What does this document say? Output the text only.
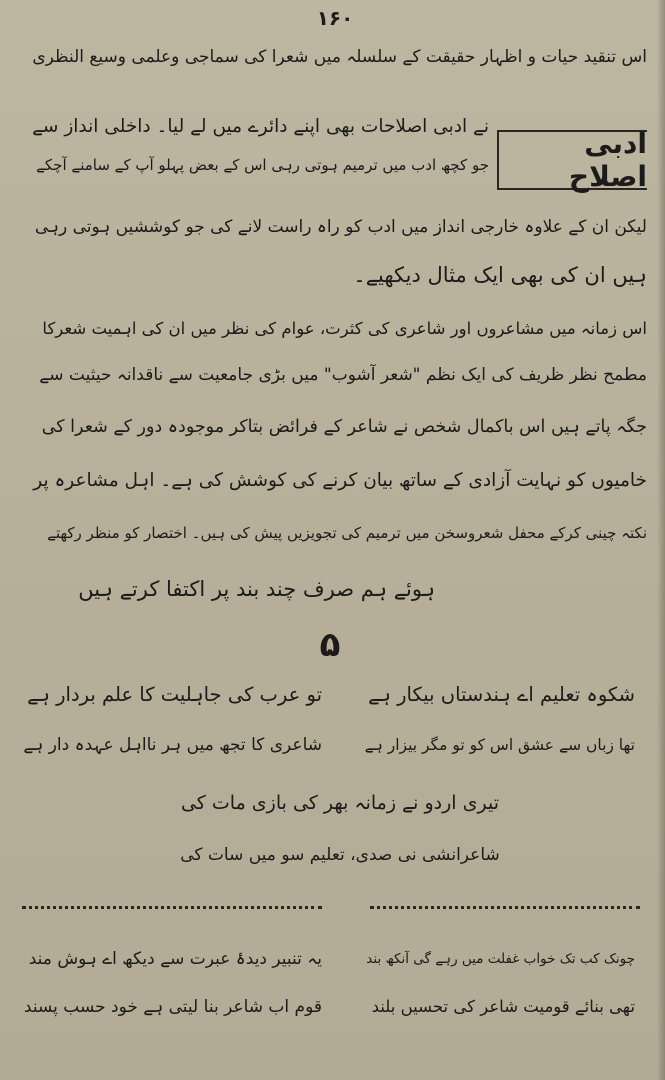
۱۶۰
اس تنقید حیات و اظہار حقیقت کے سلسلہ میں شعرا کی سماجی وعلمی وسیع النظری
نے ادبی اصلاحات بھی اپنے دائرے میں لے لیا۔ داخلی انداز سے
ادبی اصلاح
جو کچھ ادب میں ترمیم ہوتی رہی اس کے بعض پہلو آپ کے سامنے آچکے
لیکن ان کے علاوہ خارجی انداز میں ادب کو راہ راست لانے کی جو کوششیں ہوتی رہی
ہیں ان کی بھی ایک مثال دیکھیے۔
اس زمانہ میں مشاعروں اور شاعری کی کثرت، عوام کی نظر میں ان کی اہمیت شعرکا
مطمح نظر ظریف کی ایک نظم "شعر آشوب" میں بڑی جامعیت سے ناقدانہ حیثیت سے
جگہ پاتے ہیں اس باکمال شخص نے شاعر کے فرائض بتاکر موجودہ دور کے شعرا کی
خامیوں کو نہایت آزادی کے ساتھ بیان کرنے کی کوشش کی ہے۔ اہل مشاعرہ پر
نکتہ چینی کرکے محفل شعروسخن میں ترمیم کی تجویزیں پیش کی ہیں۔ اختصار کو منظر رکھتے
ہوئے ہم صرف چند بند پر اکتفا کرتے ہیں
۵
شکوہ تعلیم اے ہندستاں بیکار ہے
تو عرب کی جاہلیت کا علم بردار ہے
تھا زباں سے عشق اس کو تو مگر بیزار ہے
شاعری کا تجھ میں ہر نااہل عہدہ دار ہے
تیری اردو نے زمانہ بھر کی بازی مات کی
شاعرانشی نی صدی، تعلیم سو میں سات کی
چونک کب تک خواب غفلت میں رہے گی آنکھ بند
یہ تنبیر دیدۂ عبرت سے دیکھ اے ہوش مند
تھی بنائے قومیت شاعر کی تحسیں بلند
قوم اب شاعر بنا لیتی ہے خود حسب پسند
